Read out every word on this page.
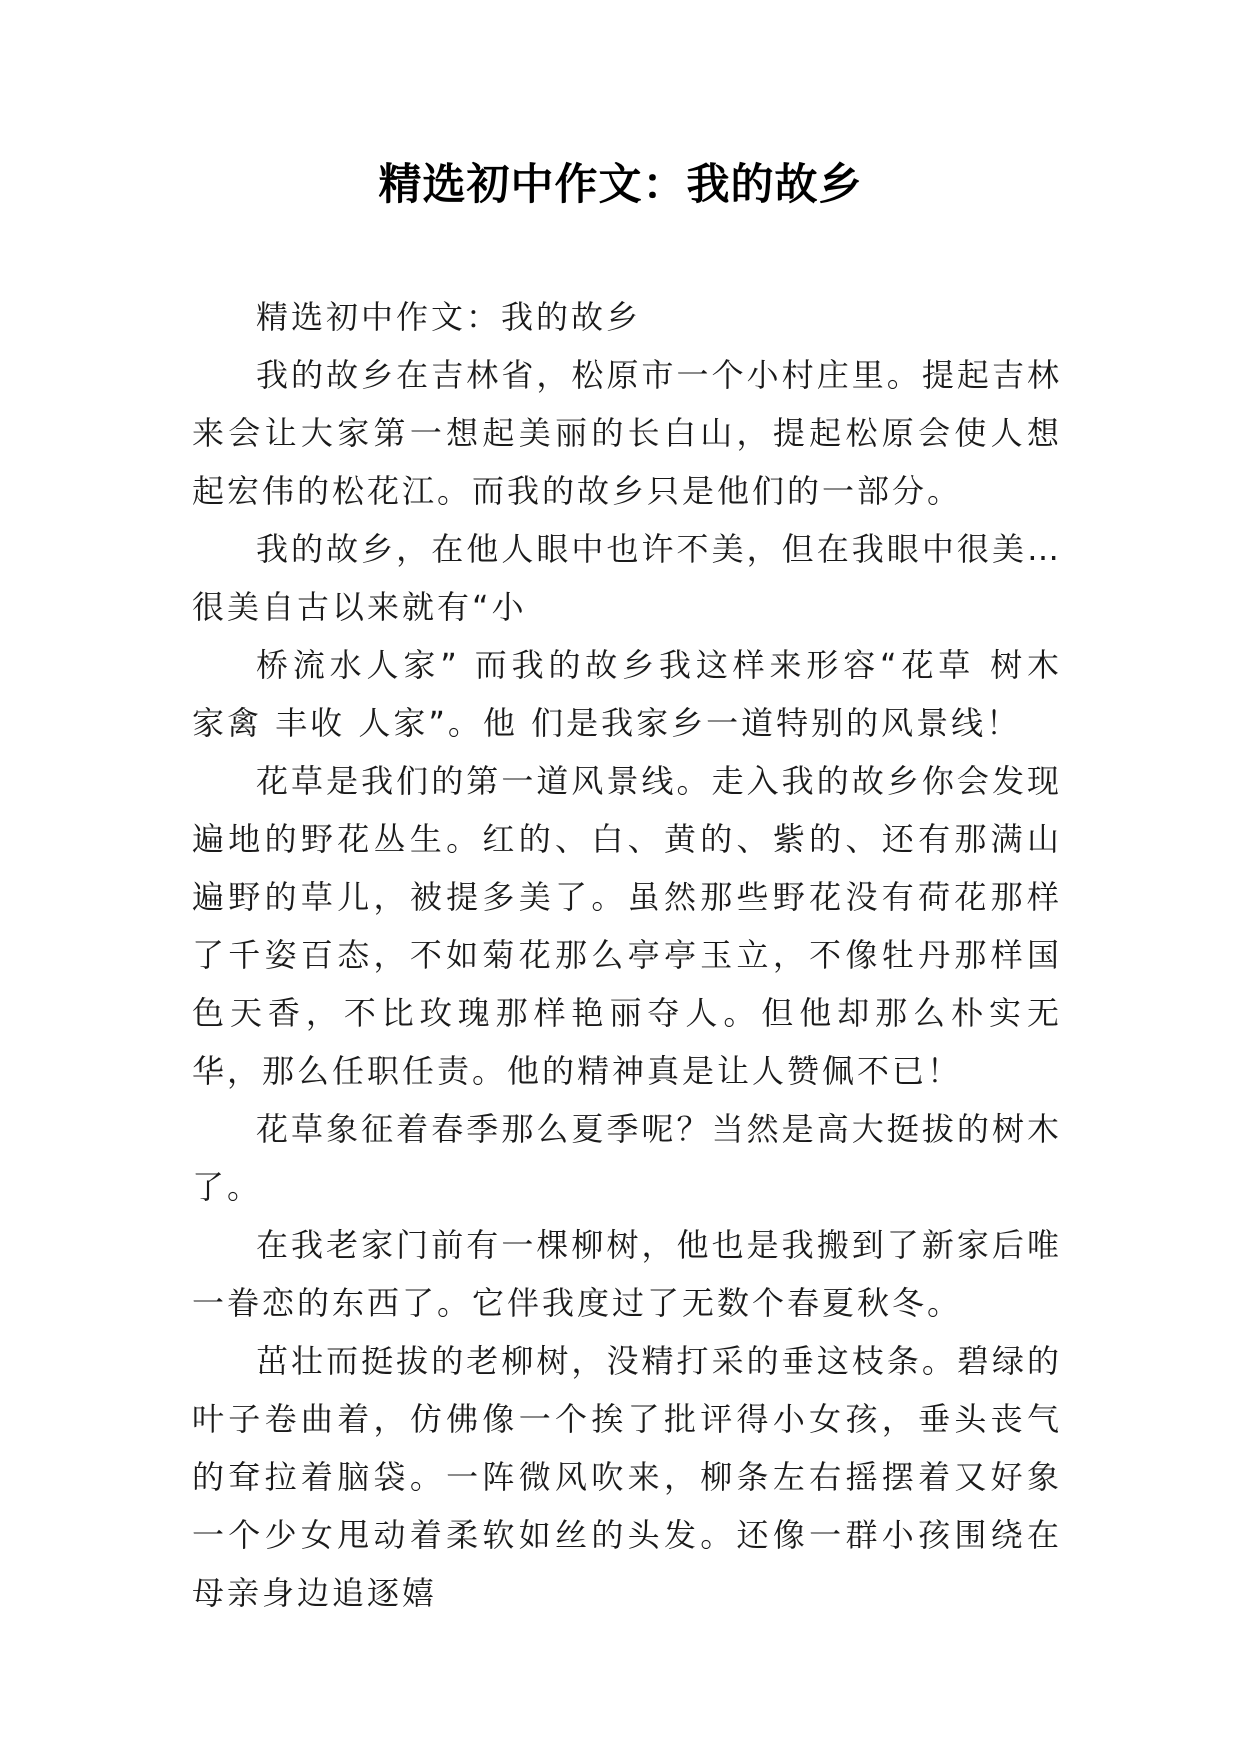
精选初中作文：我的故乡

精选初中作文：我的故乡

我的故乡在吉林省，松原市一个小村庄里。提起吉林来会让大家第一想起美丽的长白山，提起松原会使人想起宏伟的松花江。而我的故乡只是他们的一部分。

我的故乡，在他人眼中也许不美，但在我眼中很美…很美自古以来就有“小

桥流水人家” 而我的故乡我这样来形容“花草 树木 家禽 丰收 人家”。他 们是我家乡一道特别的风景线！

花草是我们的第一道风景线。走入我的故乡你会发现遍地的野花丛生。红的、白、黄的、紫的、还有那满山遍野的草儿，被提多美了。虽然那些野花没有荷花那样了千姿百态，不如菊花那么亭亭玉立，不像牡丹那样国色天香，不比玫瑰那样艳丽夺人。但他却那么朴实无华，那么任职任责。他的精神真是让人赞佩不已！

花草象征着春季那么夏季呢？当然是高大挺拔的树木了。

在我老家门前有一棵柳树，他也是我搬到了新家后唯一眷恋的东西了。它伴我度过了无数个春夏秋冬。

茁壮而挺拔的老柳树，没精打采的垂这枝条。碧绿的叶子卷曲着，仿佛像一个挨了批评得小女孩，垂头丧气的耷拉着脑袋。一阵微风吹来，柳条左右摇摆着又好象一个少女甩动着柔软如丝的头发。还像一群小孩围绕在母亲身边追逐嬉
